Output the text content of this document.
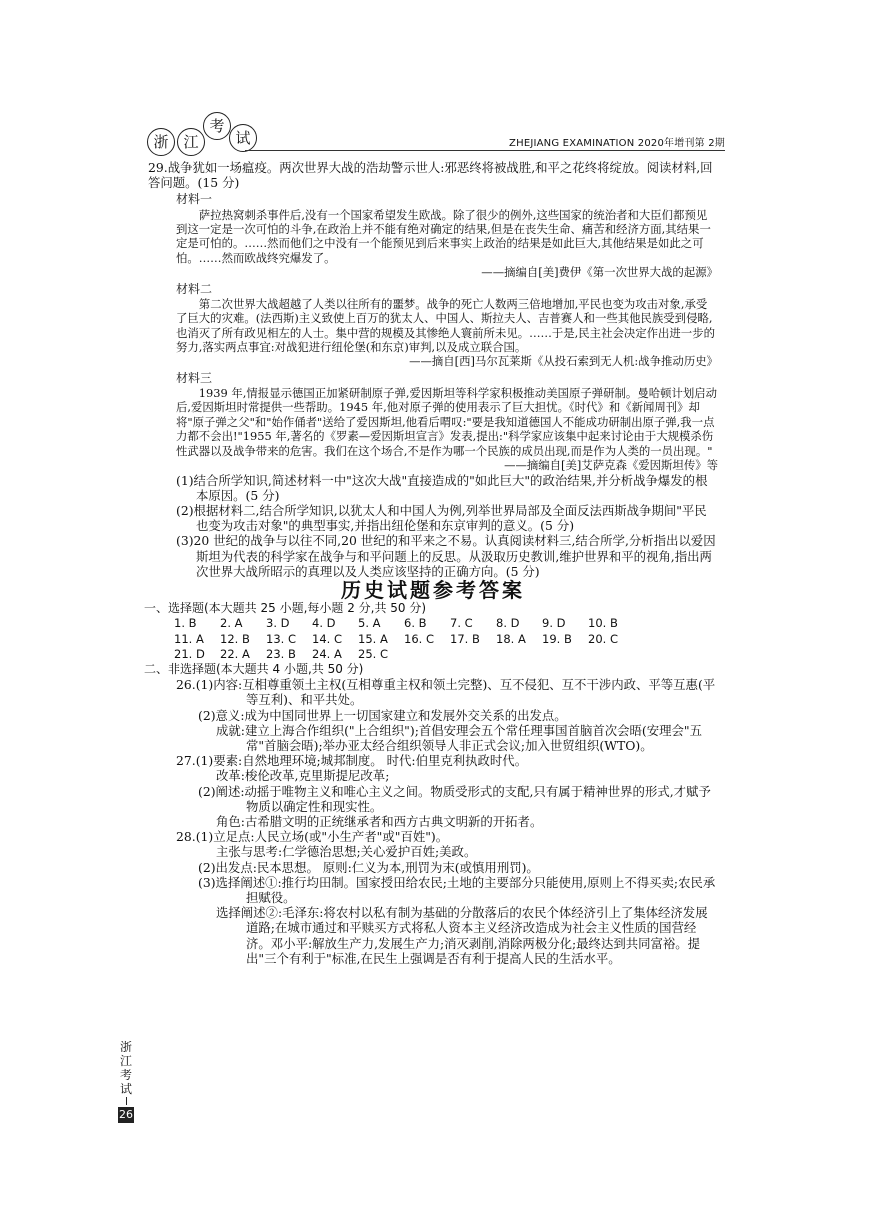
浙 江
考
试	ZHEJIANG EXAMINATION 2020年增刊第 2期

29.战争犹如一场瘟疫。两次世界大战的浩劫警示世人:邪恶终将被战胜,和平之花终将绽放。阅读材料,回答问题。(15 分)

材料一

萨拉热窝刺杀事件后,没有一个国家希望发生欧战。除了很少的例外,这些国家的统治者和大臣们都预见到这一定是一次可怕的斗争,在政治上并不能有绝对确定的结果,但是在丧失生命、痛苦和经济方面,其结果一定是可怕的。……然而他们之中没有一个能预见到后来事实上政治的结果是如此巨大,其他结果是如此之可怕。……然而欧战终究爆发了。

——摘编自[美]费伊《第一次世界大战的起源》

材料二

第二次世界大战超越了人类以往所有的噩梦。战争的死亡人数两三倍地增加,平民也变为攻击对象,承受了巨大的灾难。(法西斯)主义致使上百万的犹太人、中国人、斯拉夫人、吉普赛人和一些其他民族受到侵略,也消灭了所有政见相左的人士。集中营的规模及其惨绝人寰前所未见。……于是,民主社会决定作出进一步的努力,落实两点事宜:对战犯进行纽伦堡(和东京)审判,以及成立联合国。

——摘自[西]马尔瓦莱斯《从投石索到无人机:战争推动历史》

材料三

1939 年,情报显示德国正加紧研制原子弹,爱因斯坦等科学家积极推动美国原子弹研制。曼哈顿计划启动后,爱因斯坦时常提供一些帮助。1945 年,他对原子弹的使用表示了巨大担忧。《时代》和《新闻周刊》却将"原子弹之父"和"始作俑者"送给了爱因斯坦,他看后喟叹:"要是我知道德国人不能成功研制出原子弹,我一点力都不会出!"1955 年,著名的《罗素—爱因斯坦宣言》发表,提出:"科学家应该集中起来讨论由于大规模杀伤性武器以及战争带来的危害。我们在这个场合,不是作为哪一个民族的成员出现,而是作为人类的一员出现。"

——摘编自[美]艾萨克森《爱因斯坦传》等

(1)结合所学知识,简述材料一中"这次大战"直接造成的"如此巨大"的政治结果,并分析战争爆发的根本原因。(5 分)

(2)根据材料二,结合所学知识,以犹太人和中国人为例,列举世界局部及全面反法西斯战争期间"平民也变为攻击对象"的典型事实,并指出纽伦堡和东京审判的意义。(5 分)

(3)20 世纪的战争与以往不同,20 世纪的和平来之不易。认真阅读材料三,结合所学,分析指出以爱因斯坦为代表的科学家在战争与和平问题上的反思。从汲取历史教训,维护世界和平的视角,指出两次世界大战所昭示的真理以及人类应该坚持的正确方向。(5 分)

历史试题参考答案

一、选择题(本大题共 25 小题,每小题 2 分,共 50 分)

1. B	2. A	3. D	4. D	5. A	6. B	7. C	8. D	9. D	10. B
11. A	12. B	13. C	14. C	15. A	16. C	17. B	18. A	19. B	20. C
21. D	22. A	23. B	24. A	25. C

二、非选择题(本大题共 4 小题,共 50 分)

26.(1)内容:互相尊重领土主权(互相尊重主权和领土完整)、互不侵犯、互不干涉内政、平等互惠(平等互利)、和平共处。

(2)意义:成为中国同世界上一切国家建立和发展外交关系的出发点。

成就:建立上海合作组织("上合组织");首倡安理会五个常任理事国首脑首次会晤(安理会"五常"首脑会晤);举办亚太经合组织领导人非正式会议;加入世贸组织(WTO)。

27.(1)要素:自然地理环境;城邦制度。 时代:伯里克利执政时代。

改革:梭伦改革,克里斯提尼改革;

(2)阐述:动摇于唯物主义和唯心主义之间。物质受形式的支配,只有属于精神世界的形式,才赋予物质以确定性和现实性。

角色:古希腊文明的正统继承者和西方古典文明新的开拓者。

28.(1)立足点:人民立场(或"小生产者"或"百姓")。

主张与思考:仁学德治思想;关心爱护百姓;美政。

(2)出发点:民本思想。 原则:仁义为本,刑罚为末(或慎用刑罚)。

(3)选择阐述①:推行均田制。国家授田给农民;土地的主要部分只能使用,原则上不得买卖;农民承担赋役。

选择阐述②:毛泽东:将农村以私有制为基础的分散落后的农民个体经济引上了集体经济发展道路;在城市通过和平赎买方式将私人资本主义经济改造成为社会主义性质的国营经济。邓小平:解放生产力,发展生产力;消灭剥削,消除两极分化;最终达到共同富裕。提出"三个有利于"标准,在民生上强调是否有利于提高人民的生活水平。

浙
江
考
试
26
